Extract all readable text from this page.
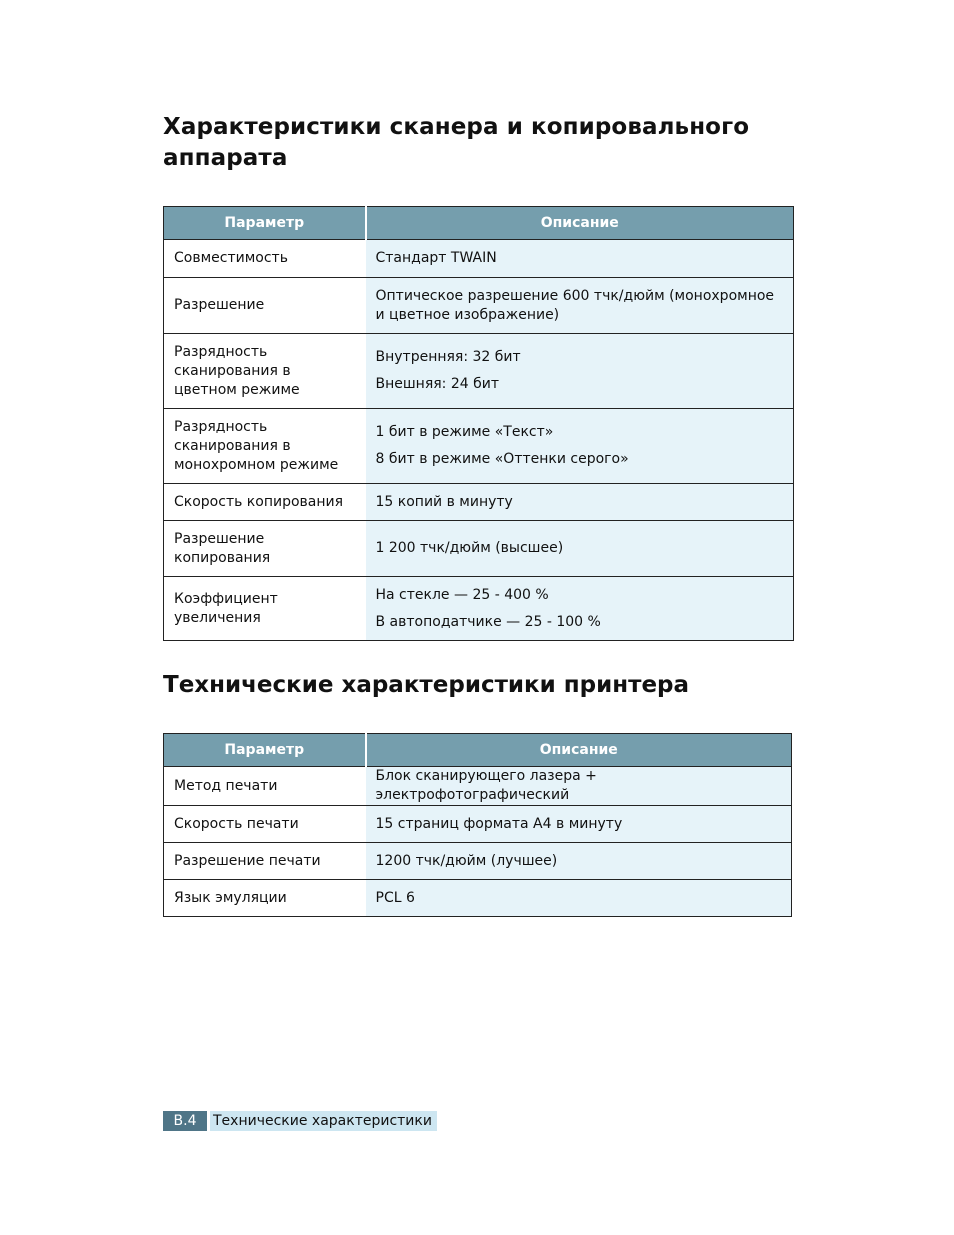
Характеристики сканера и копировального аппарата
Параметр	Описание
Совместимость	Стандарт TWAIN

Разрешение	Оптическое разрешение 600 тчк/дюйм (монохромное и цветное изображение)

Разрядность сканирования в цветном режиме	Внутренняя: 32 бит
Внешняя: 24 бит

Разрядность сканирования в монохромном режиме	1 бит в режиме «Текст»
8 бит в режиме «Оттенки серого»

Скорость копирования	15 копий в минуту

Разрешение копирования	1 200 тчк/дюйм (высшее)

Коэффициент увеличения	На стекле — 25 - 400 %
В автоподатчике — 25 - 100 %
Технические характеристики принтера
Параметр	Описание
Метод печати	Блок сканирующего лазера + электрофотографический

Скорость печати	15 страниц формата A4 в минуту

Разрешение печати	1200 тчк/дюйм (лучшее)

Язык эмуляции	PCL 6
B.4	Технические характеристики
